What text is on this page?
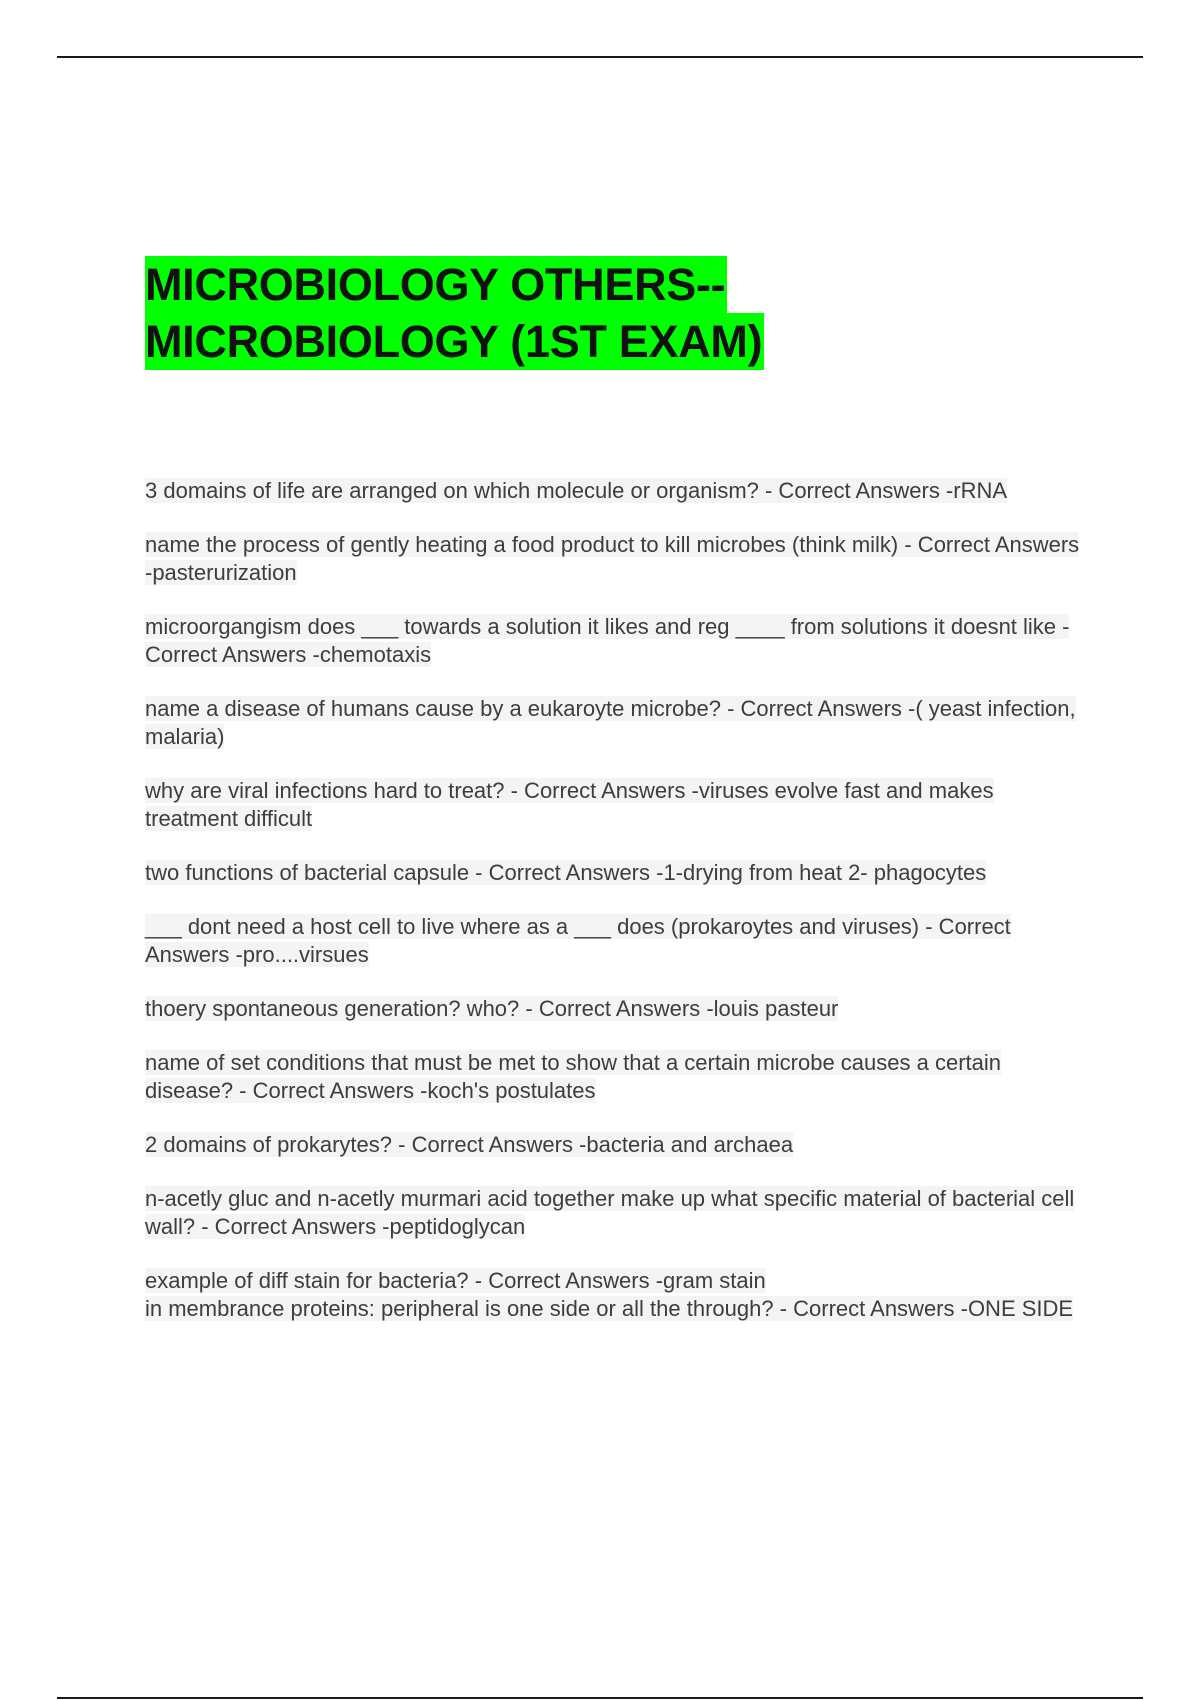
MICROBIOLOGY OTHERS--
MICROBIOLOGY (1ST EXAM)

3 domains of life are arranged on which molecule or organism? - Correct Answers -rRNA

name the process of gently heating a food product to kill microbes (think milk) - Correct Answers -pasterurization

microorgangism does ___ towards a solution it likes and reg ____ from solutions it doesnt like - Correct Answers -chemotaxis

name a disease of humans cause by a eukaroyte microbe? - Correct Answers -( yeast infection, malaria)

why are viral infections hard to treat? - Correct Answers -viruses evolve fast and makes treatment difficult

two functions of bacterial capsule - Correct Answers -1-drying from heat 2- phagocytes

___ dont need a host cell to live where as a ___ does (prokaroytes and viruses) - Correct Answers -pro....virsues

thoery spontaneous generation? who? - Correct Answers -louis pasteur

name of set conditions that must be met to show that a certain microbe causes a certain disease? - Correct Answers -koch's postulates

2 domains of prokarytes? - Correct Answers -bacteria and archaea

n-acetly gluc and n-acetly murmari acid together make up what specific material of bacterial cell wall? - Correct Answers -peptidoglycan

example of diff stain for bacteria? - Correct Answers -gram stain

in membrance proteins: peripheral is one side or all the through? - Correct Answers -ONE SIDE
